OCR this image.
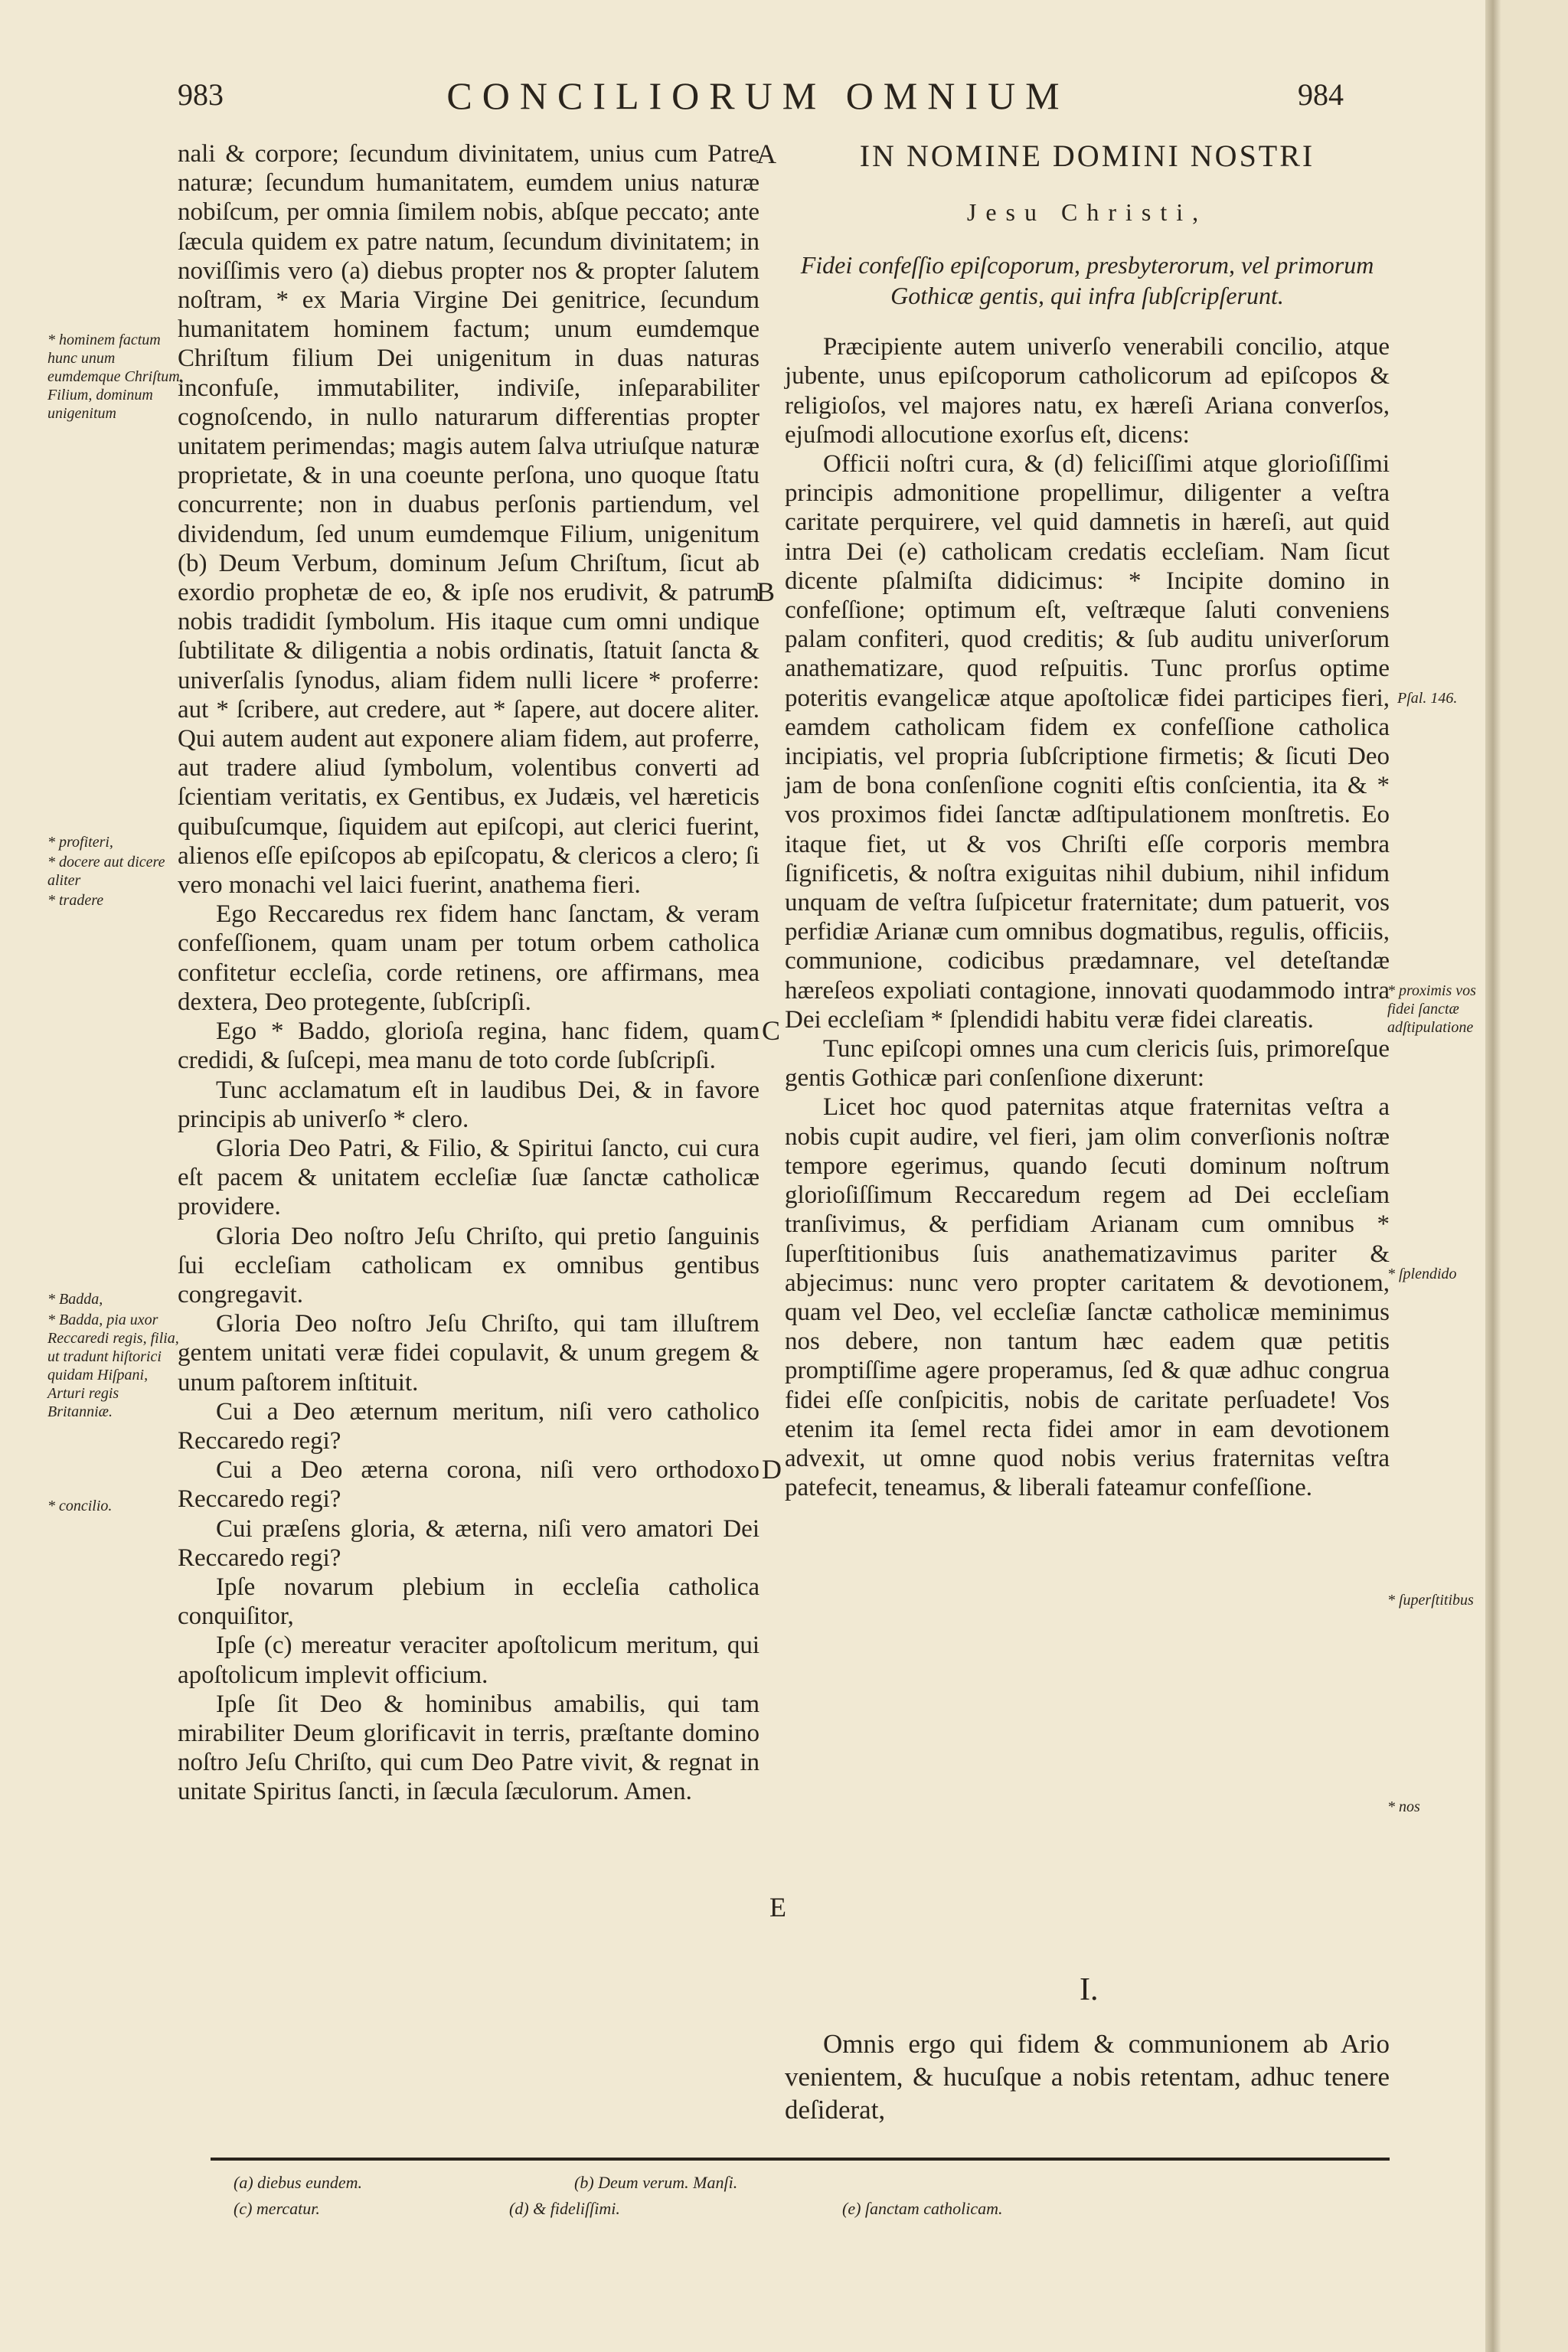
983	CONCILIORUM OMNIUM	984
* hominem factum hunc unum eumdemque Chriſtum, Filium, dominum unigenitum
* profiteri,
* docere aut dicere aliter
* tradere
* Badda,
* Badda, pia uxor Reccaredi regis, filia, ut tradunt hiſtorici quidam Hiſpani, Arturi regis Britanniæ.
* concilio.

nali & corpore; ſecundum divinitatem, unius cum Patre naturæ; ſecundum humanitatem, eumdem unius naturæ nobiſcum, per omnia ſimilem nobis, abſque peccato; ante ſæcula quidem ex patre natum, ſecundum divinitatem; in noviſſimis vero (a) diebus propter nos & propter ſalutem noſtram, * ex Maria Virgine Dei genitrice, ſecundum humanitatem hominem factum; unum eumdemque Chriſtum filium Dei unigenitum in duas naturas inconfuſe, immutabiliter, indiviſe, inſeparabiliter cognoſcendo, in nullo naturarum differentias propter unitatem perimendas; magis autem ſalva utriuſque naturæ proprietate, & in una coeunte perſona, uno quoque ſtatu concurrente; non in duabus perſonis partiendum, vel dividendum, ſed unum eumdemque Filium, unigenitum (b) Deum Verbum, dominum Jeſum Chriſtum, ſicut ab exordio prophetæ de eo, & ipſe nos erudivit, & patrum nobis tradidit ſymbolum. His itaque cum omni undique ſubtilitate & diligentia a nobis ordinatis, ſtatuit ſancta & univerſalis ſynodus, aliam fidem nulli licere * proferre: aut * ſcribere, aut credere, aut * ſapere, aut docere aliter. Qui autem audent aut exponere aliam fidem, aut proferre, aut tradere aliud ſymbolum, volentibus converti ad ſcientiam veritatis, ex Gentibus, ex Judæis, vel hæreticis quibuſcumque, ſiquidem aut epiſcopi, aut clerici fuerint, alienos eſſe epiſcopos ab epiſcopatu, & clericos a clero; ſi vero monachi vel laici fuerint, anathema fieri.

Ego Reccaredus rex fidem hanc ſanctam, & veram confeſſionem, quam unam per totum orbem catholica confitetur eccleſia, corde retinens, ore affirmans, mea dextera, Deo protegente, ſubſcripſi.

Ego * Baddo, glorioſa regina, hanc fidem, quam credidi, & ſuſcepi, mea manu de toto corde ſubſcripſi.

Tunc acclamatum eſt in laudibus Dei, & in favore principis ab univerſo * clero.

Gloria Deo Patri, & Filio, & Spiritui ſancto, cui cura eſt pacem & unitatem eccleſiæ ſuæ ſanctæ catholicæ providere.

Gloria Deo noſtro Jeſu Chriſto, qui pretio ſanguinis ſui eccleſiam catholicam ex omnibus gentibus congregavit.

Gloria Deo noſtro Jeſu Chriſto, qui tam illuſtrem gentem unitati veræ fidei copulavit, & unum gregem & unum paſtorem inſtituit.

Cui a Deo æternum meritum, niſi vero catholico Reccaredo regi?

Cui a Deo æterna corona, niſi vero orthodoxo Reccaredo regi?

Cui præſens gloria, & æterna, niſi vero amatori Dei Reccaredo regi?

Ipſe novarum plebium in eccleſia catholica conquiſitor,

Ipſe (c) mereatur veraciter apoſtolicum meritum, qui apoſtolicum implevit officium.

Ipſe ſit Deo & hominibus amabilis, qui tam mirabiliter Deum glorificavit in terris, præſtante domino noſtro Jeſu Chriſto, qui cum Deo Patre vivit, & regnat in unitate Spiritus ſancti, in ſæcula ſæculorum. Amen.

A
B
C
D
E
IN NOMINE DOMINI NOSTRI
Jesu Christi,
Fidei confeſſio epiſcoporum, presbyterorum, vel primorum Gothicæ gentis, qui infra ſubſcripſerunt.

Præcipiente autem univerſo venerabili concilio, atque jubente, unus epiſcoporum catholicorum ad epiſcopos & religioſos, vel majores natu, ex hæreſi Ariana converſos, ejuſmodi allocutione exorſus eſt, dicens:

Officii noſtri cura, & (d) feliciſſimi atque glorioſiſſimi principis admonitione propellimur, diligenter a veſtra caritate perquirere, vel quid damnetis in hæreſi, aut quid intra Dei (e) catholicam credatis eccleſiam. Nam ſicut dicente pſalmiſta didicimus: * Incipite domino in confeſſione; optimum eſt, veſtræque ſaluti conveniens palam confiteri, quod creditis; & ſub auditu univerſorum anathematizare, quod reſpuitis. Tunc prorſus optime poteritis evangelicæ atque apoſtolicæ fidei participes fieri, eamdem catholicam fidem ex confeſſione catholica incipiatis, vel propria ſubſcriptione firmetis; & ſicuti Deo jam de bona conſenſione cogniti eſtis conſcientia, ita & * vos proximos fidei ſanctæ adſtipulationem monſtretis. Eo itaque fiet, ut & vos Chriſti eſſe corporis membra ſignificetis, & noſtra exiguitas nihil dubium, nihil infidum unquam de veſtra ſuſpicetur fraternitate; dum patuerit, vos perfidiæ Arianæ cum omnibus dogmatibus, regulis, officiis, communione, codicibus prædamnare, vel deteſtandæ hæreſeos expoliati contagione, innovati quodammodo intra Dei eccleſiam * ſplendidi habitu veræ fidei clareatis.

Tunc epiſcopi omnes una cum clericis ſuis, primoreſque gentis Gothicæ pari conſenſione dixerunt:

Licet hoc quod paternitas atque fraternitas veſtra a nobis cupit audire, vel fieri, jam olim converſionis noſtræ tempore egerimus, quando ſecuti dominum noſtrum glorioſiſſimum Reccaredum regem ad Dei eccleſiam tranſivimus, & perfidiam Arianam cum omnibus * ſuperſtitionibus ſuis anathematizavimus pariter & abjecimus: nunc vero propter caritatem & devotionem, quam vel Deo, vel eccleſiæ ſanctæ catholicæ meminimus nos debere, non tantum hæc eadem quæ petitis promptiſſime agere properamus, ſed & quæ adhuc congrua fidei eſſe conſpicitis, nobis de caritate perſuadete! Vos etenim ita ſemel recta fidei amor in eam devotionem advexit, ut omne quod nobis verius fraternitas veſtra patefecit, teneamus, & liberali fateamur confeſſione.

I.

Omnis ergo qui fidem & communionem ab Ario venientem, & hucuſque a nobis retentam, adhuc tenere deſiderat,

Pſal. 146.
* proximis vos fidei ſanctæ adſtipulatione
* ſplendido
* ſuperſtitibus
* nos
(a) diebus eundem.	(b) Deum verum. Manſi.
(c) mercatur.	(d) & fideliſſimi.	(e) ſanctam catholicam.
